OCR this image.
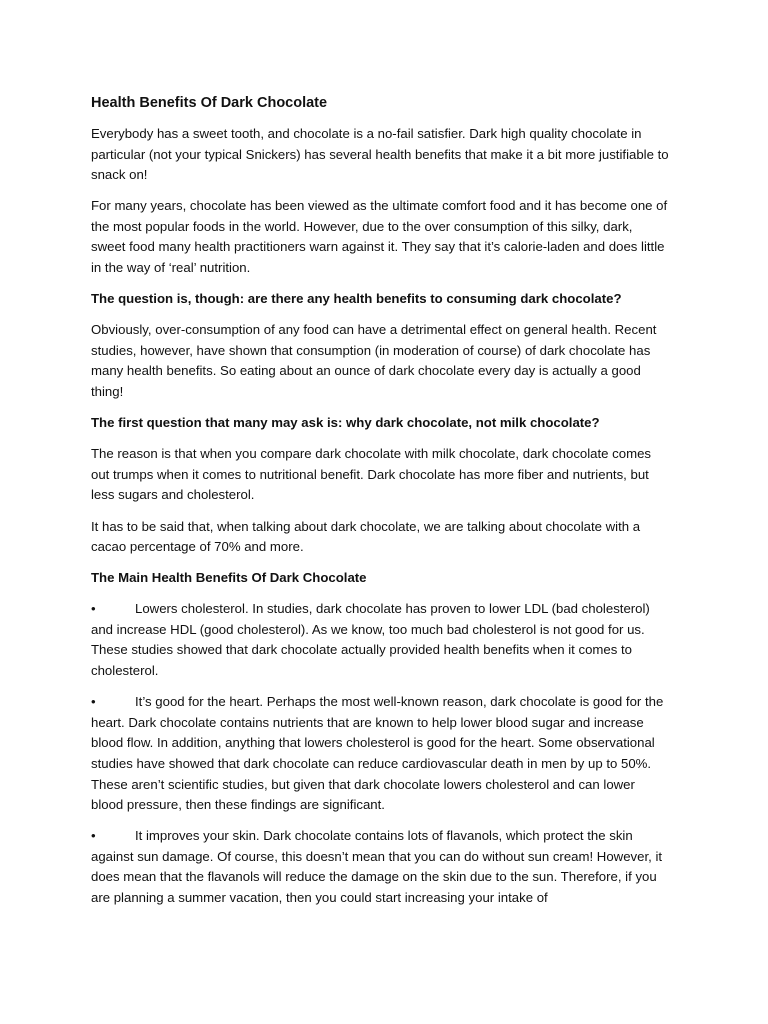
Health Benefits Of Dark Chocolate

Everybody has a sweet tooth, and chocolate is a no-fail satisfier. Dark high quality chocolate in particular (not your typical Snickers) has several health benefits that make it a bit more justifiable to snack on!

For many years, chocolate has been viewed as the ultimate comfort food and it has become one of the most popular foods in the world. However, due to the over consumption of this silky, dark, sweet food many health practitioners warn against it. They say that it’s calorie-laden and does little in the way of ‘real’ nutrition.

The question is, though: are there any health benefits to consuming dark chocolate?

Obviously, over-consumption of any food can have a detrimental effect on general health. Recent studies, however, have shown that consumption (in moderation of course) of dark chocolate has many health benefits. So eating about an ounce of dark chocolate every day is actually a good thing!

The first question that many may ask is: why dark chocolate, not milk chocolate?

The reason is that when you compare dark chocolate with milk chocolate, dark chocolate comes out trumps when it comes to nutritional benefit. Dark chocolate has more fiber and nutrients, but less sugars and cholesterol.

It has to be said that, when talking about dark chocolate, we are talking about chocolate with a cacao percentage of 70% and more.

The Main Health Benefits Of Dark Chocolate

•	Lowers cholesterol. In studies, dark chocolate has proven to lower LDL (bad cholesterol) and increase HDL (good cholesterol). As we know, too much bad cholesterol is not good for us. These studies showed that dark chocolate actually provided health benefits when it comes to cholesterol.

•	It’s good for the heart. Perhaps the most well-known reason, dark chocolate is good for the heart. Dark chocolate contains nutrients that are known to help lower blood sugar and increase blood flow. In addition, anything that lowers cholesterol is good for the heart. Some observational studies have showed that dark chocolate can reduce cardiovascular death in men by up to 50%. These aren’t scientific studies, but given that dark chocolate lowers cholesterol and can lower blood pressure, then these findings are significant.

•	It improves your skin. Dark chocolate contains lots of flavanols, which protect the skin against sun damage. Of course, this doesn’t mean that you can do without sun cream! However, it does mean that the flavanols will reduce the damage on the skin due to the sun. Therefore, if you are planning a summer vacation, then you could start increasing your intake of
